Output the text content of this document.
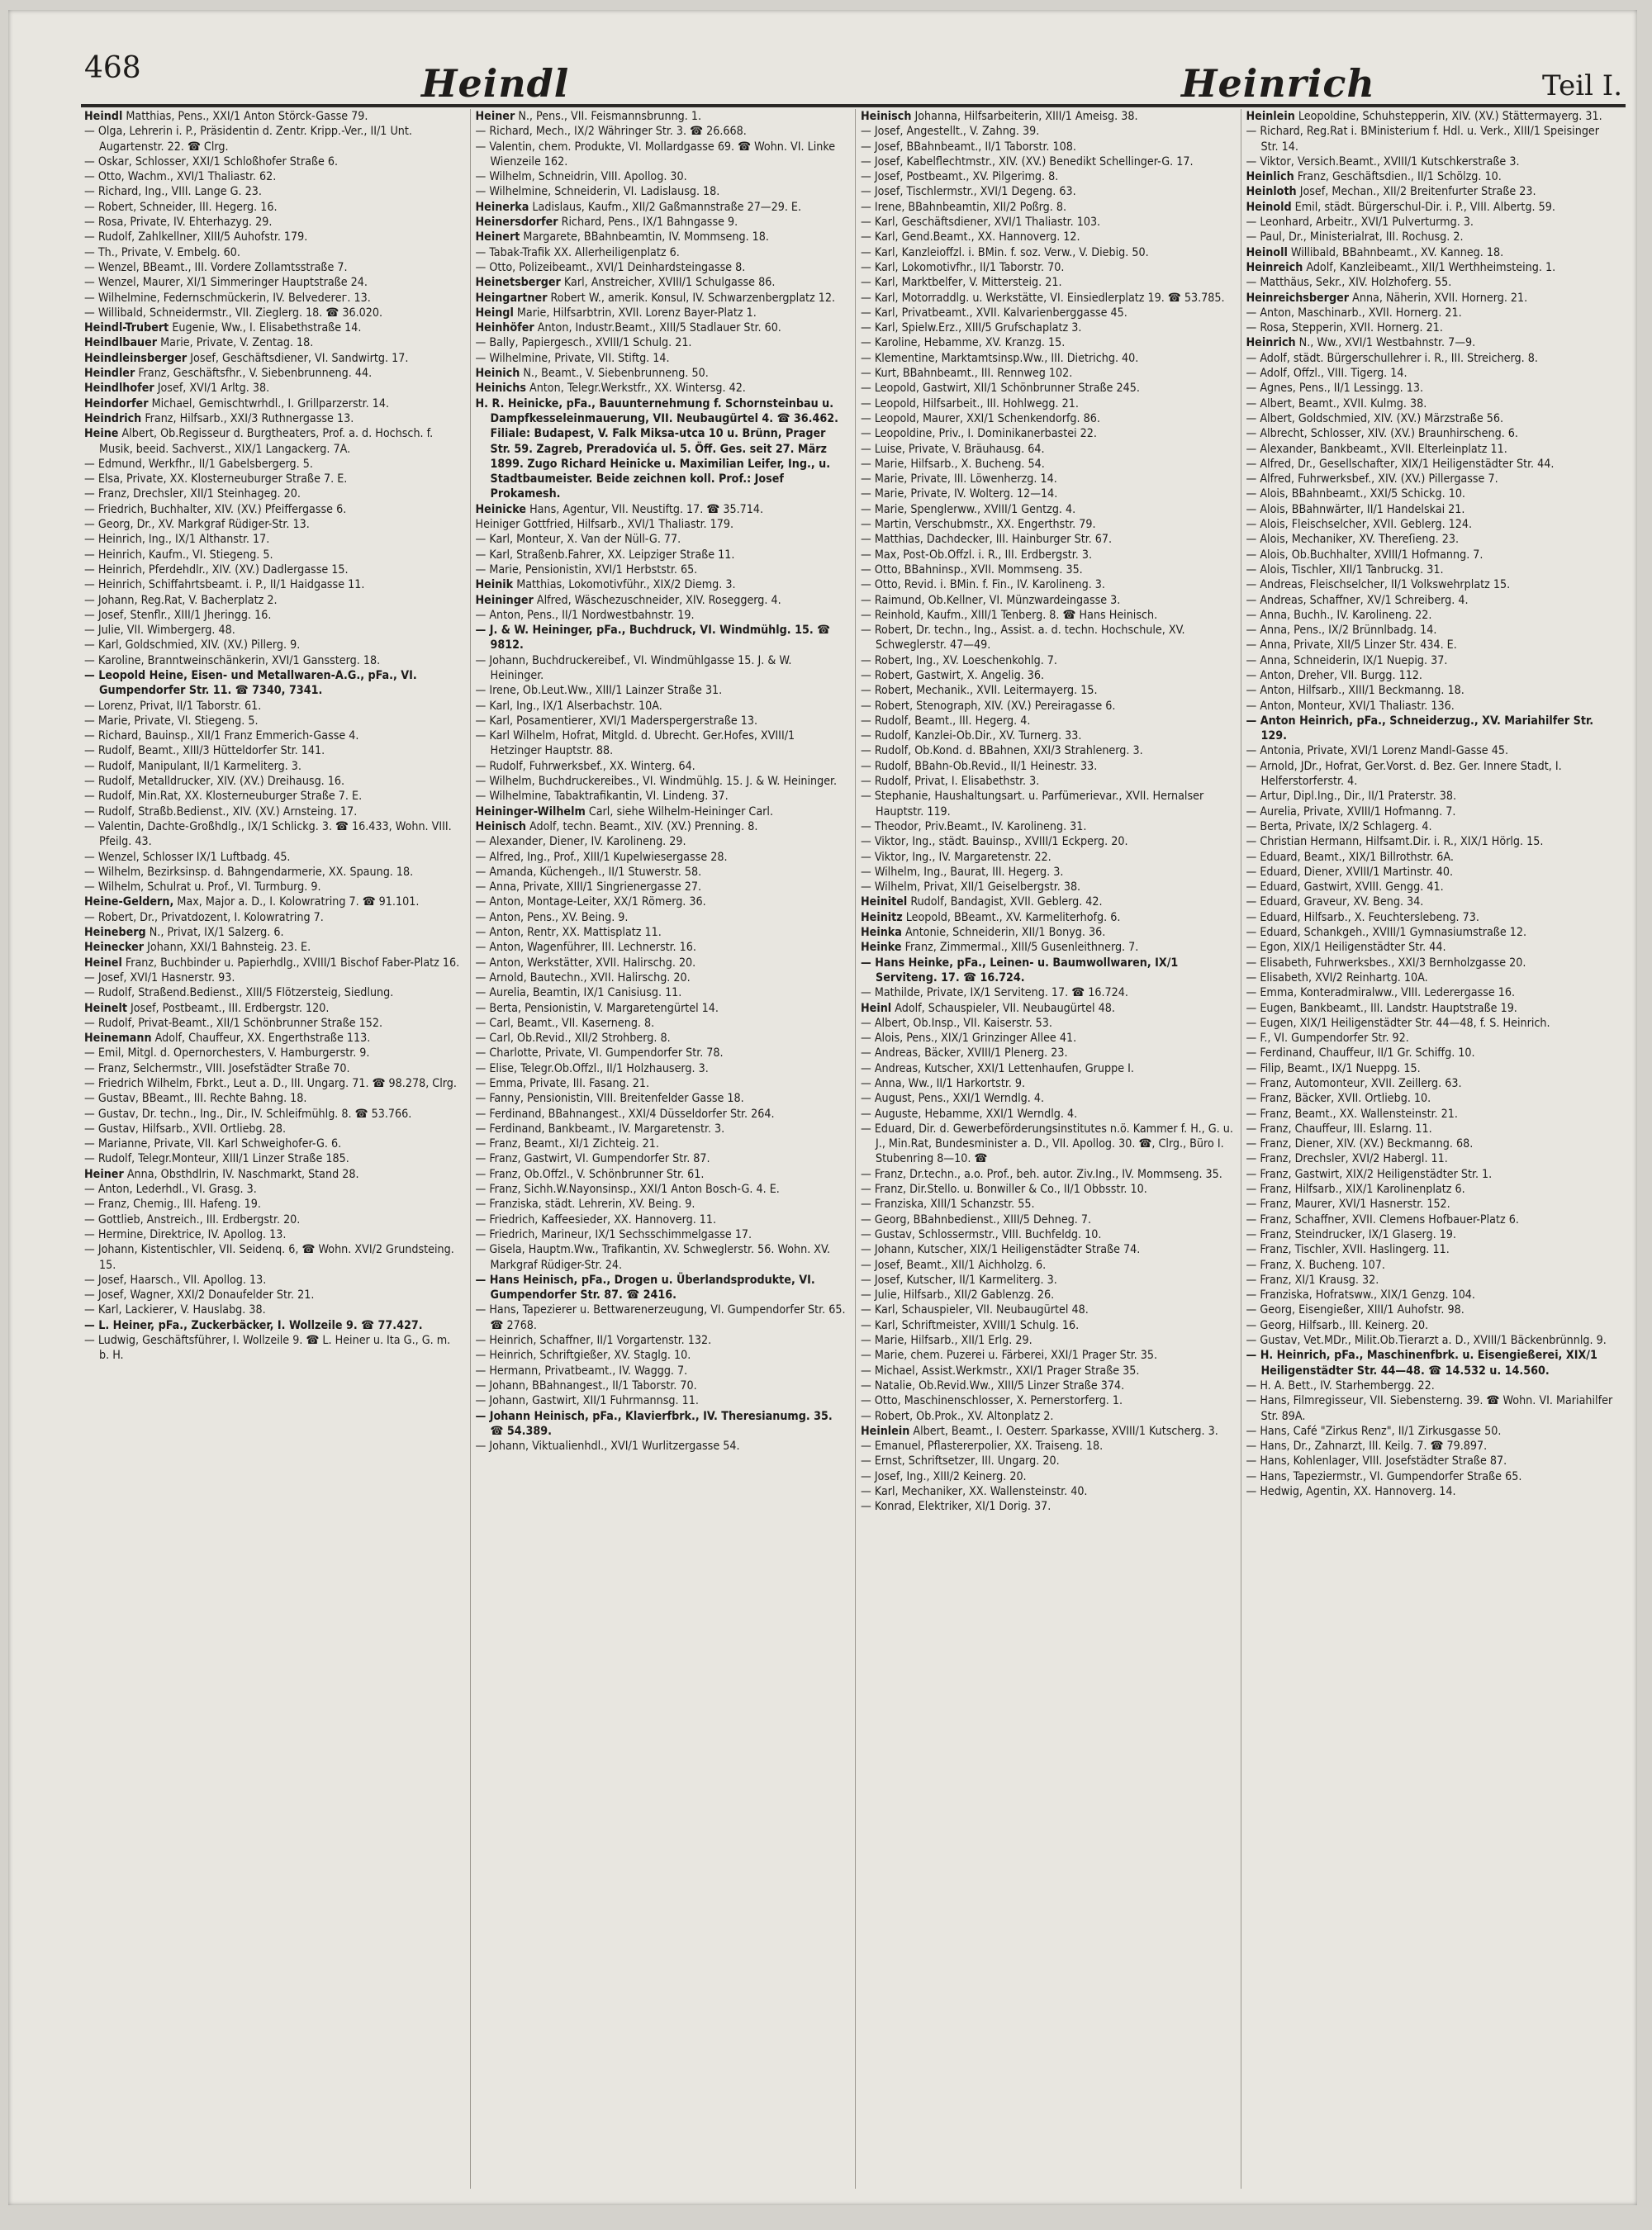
468	Heindl	Heinrich	Teil I.
Heindl Matthias, Pens., XXI/1 Anton Störck-Gasse 79.
— Olga, Lehrerin i. P., Präsidentin d. Zentr. Kripp.-Ver., II/1 Unt. Augartenstr. 22. ☎ Clrg.
— Oskar, Schlosser, XXI/1 Schloßhofer Straße 6.
— Otto, Wachm., XVI/1 Thaliastr. 62.
— Richard, Ing., VIII. Lange G. 23.
— Robert, Schneider, III. Hegerg. 16.
— Rosa, Private, IV. Ehterhazyg. 29.
— Rudolf, Zahlkellner, XIII/5 Auhofstr. 179.
— Th., Private, V. Embelg. 60.
— Wenzel, BBeamt., III. Vordere Zollamtsstraße 7.
— Wenzel, Maurer, XI/1 Simmeringer Hauptstraße 24.
— Wilhelmine, Federnschmückerin, IV. Belvederег. 13.
— Willibald, Schneidermstr., VII. Zieglerg. 18. ☎ 36.020.
Heindl-Trubert Eugenie, Ww., I. Elisabethstraße 14.
Heindlbauer Marie, Private, V. Zentag. 18.
Heindleinsberger Josef, Geschäftsdiener, VI. Sandwirtg. 17.
Heindler Franz, Geschäftsfhr., V. Siebenbrunneng. 44.
Heindlhofer Josef, XVI/1 Arltg. 38.
Heindorfer Michael, Gemischtwrhdl., I. Grillparzerstr. 14.
Heindrich Franz, Hilfsarb., XXI/3 Ruthnergasse 13.
Heine Albert, Ob.Regisseur d. Burgtheaters, Prof. a. d. Hochsch. f. Musik, beeid. Sachverst., XIX/1 Langackerg. 7A.
— Edmund, Werkfhr., II/1 Gabelsbergerg. 5.
— Elsa, Private, XX. Klosterneuburger Straße 7. E.
— Franz, Drechsler, XII/1 Steinhageg. 20.
— Friedrich, Buchhalter, XIV. (XV.) Pfeiffergasse 6.
— Georg, Dr., XV. Markgraf Rüdiger-Str. 13.
— Heinrich, Ing., IX/1 Althanstr. 17.
— Heinrich, Kaufm., VI. Stiegeng. 5.
— Heinrich, Pferdehdlr., XIV. (XV.) Dadlergasse 15.
— Heinrich, Schiffahrtsbeamt. i. P., II/1 Haidgasse 11.
— Johann, Reg.Rat, V. Bacherplatz 2.
— Josef, Stenflr., XIII/1 Jheringg. 16.
— Julie, VII. Wimbergerg. 48.
— Karl, Goldschmied, XIV. (XV.) Pillerg. 9.
— Karoline, Branntweinschänkerin, XVI/1 Ganssterg. 18.
— Leopold Heine, Eisen- und Metallwaren-A.G., pFa., VI. Gumpendorfer Str. 11. ☎ 7340, 7341.
— Lorenz, Privat, II/1 Taborstr. 61.
— Marie, Private, VI. Stiegeng. 5.
— Richard, Bauinsp., XII/1 Franz Emmerich-Gasse 4.
— Rudolf, Beamt., XIII/3 Hütteldorfer Str. 141.
— Rudolf, Manipulant, II/1 Karmeliterg. 3.
— Rudolf, Metalldrucker, XIV. (XV.) Dreihausg. 16.
— Rudolf, Min.Rat, XX. Klosterneuburger Straße 7. E.
— Rudolf, Straßb.Bedienst., XIV. (XV.) Arnsteing. 17.
— Valentin, Dachte-Großhdlg., IX/1 Schlickg. 3. ☎ 16.433, Wohn. VIII. Pfeilg. 43.
— Wenzel, Schlosser IX/1 Luftbadg. 45.
— Wilhelm, Bezirksinsp. d. Bahngendarmerie, XX. Spaung. 18.
— Wilhelm, Schulrat u. Prof., VI. Turmburg. 9.
Heine-Geldern, Max, Major a. D., I. Kolowratring 7. ☎ 91.101.
— Robert, Dr., Privatdozent, I. Kolowratring 7.
Heineberg N., Privat, IX/1 Salzerg. 6.
Heinecker Johann, XXI/1 Bahnsteig. 23. E.
Heinel Franz, Buchbinder u. Papierhdlg., XVIII/1 Bischof Faber-Platz 16.
— Josef, XVI/1 Hasnerstr. 93.
— Rudolf, Straßend.Bedienst., XIII/5 Flötzersteig, Siedlung.
Heinelt Josef, Postbeamt., III. Erdbergstr. 120.
— Rudolf, Privat-Beamt., XII/1 Schönbrunner Straße 152.
Heinemann Adolf, Chauffeur, XX. Engerthstraße 113.
— Emil, Mitgl. d. Opernorchesters, V. Hamburgerstr. 9.
— Franz, Selchermstr., VIII. Josefstädter Straße 70.
— Friedrich Wilhelm, Fbrkt., Leut a. D., III. Ungarg. 71. ☎ 98.278, Clrg.
— Gustav, BBeamt., III. Rechte Bahng. 18.
— Gustav, Dr. techn., Ing., Dir., IV. Schleifmühlg. 8. ☎ 53.766.
— Gustav, Hilfsarb., XVII. Ortliebg. 28.
— Marianne, Private, VII. Karl Schweighofer-G. 6.
— Rudolf, Telegr.Monteur, XIII/1 Linzer Straße 185.
Heiner Anna, Obsthdlrin, IV. Naschmarkt, Stand 28.
— Anton, Lederhdl., VI. Grasg. 3.
— Franz, Chemig., III. Hafeng. 19.
— Gottlieb, Anstreich., III. Erdbergstr. 20.
— Hermine, Direktrice, IV. Apollog. 13.
— Johann, Kistentischler, VII. Seidenq. 6, ☎ Wohn. XVI/2 Grundsteing. 15.
— Josef, Haarsch., VII. Apollog. 13.
— Josef, Wagner, XXI/2 Donaufelder Str. 21.
— Karl, Lackierer, V. Hauslabg. 38.
— L. Heiner, pFa., Zuckerbäcker, I. Wollzeile 9. ☎ 77.427.
— Ludwig, Geschäftsführer, I. Wollzeile 9. ☎ L. Heiner u. Ita G., G. m. b. H.
Heiner N., Pens., VII. Feismannsbrunng. 1.
— Richard, Mech., IX/2 Währinger Str. 3. ☎ 26.668.
— Valentin, chem. Produkte, VI. Mollardgasse 69. ☎ Wohn. VI. Linke Wienzeile 162.
— Wilhelm, Schneidrin, VIII. Apollog. 30.
— Wilhelmine, Schneiderin, VI. Ladislausg. 18.
Heinerka Ladislaus, Kaufm., XII/2 Gaßmannstraße 27—29. E.
Heinersdorfer Richard, Pens., IX/1 Bahngasse 9.
Heinert Margarete, BBahnbeamtin, IV. Mommseng. 18.
— Tabak-Trafik XX. Allerheiligenplatz 6.
— Otto, Polizeibeamt., XVI/1 Deinhardsteingasse 8.
Heinetsberger Karl, Anstreicher, XVIII/1 Schulgasse 86.
Heingartner Robert W., amerik. Konsul, IV. Schwarzenbergplatz 12.
Heingl Marie, Hilfsarbtrin, XVII. Lorenz Bayer-Platz 1.
Heinhöfer Anton, Industr.Beamt., XIII/5 Stadlauer Str. 60.
— Bally, Papiergesch., XVIII/1 Schulg. 21.
— Wilhelmine, Private, VII. Stiftg. 14.
Heinich N., Beamt., V. Siebenbrunneng. 50.
Heinichs Anton, Telegr.Werkstfr., XX. Wintersg. 42.
H. R. Heinicke, pFa., Bauunternehmung f. Schornsteinbau u. Dampfkesseleinmauerung, VII. Neubaugürtel 4. ☎ 36.462. Filiale: Budapest, V. Falk Miksa-utca 10 u. Brünn, Prager Str. 59. Zagreb, Preradovića ul. 5. Öff. Ges. seit 27. März 1899. Zugo Richard Heinicke u. Maximilian Leifer, Ing., u. Stadtbaumeister. Beide zeichnen koll. Prof.: Josef Prokamesh.
Heinicke Hans, Agentur, VII. Neustiftg. 17. ☎ 35.714.
Heiniger Gottfried, Hilfsarb., XVI/1 Thaliastr. 179.
— Karl, Monteur, X. Van der Nüll-G. 77.
— Karl, Straßenb.Fahrer, XX. Leipziger Straße 11.
— Marie, Pensionistin, XVI/1 Herbststr. 65.
Heinik Matthias, Lokomotivführ., XIX/2 Diemg. 3.
Heininger Alfred, Wäschezuschneider, XIV. Roseggerg. 4.
— Anton, Pens., II/1 Nordwestbahnstr. 19.
— J. & W. Heininger, pFa., Buchdruck, VI. Windmühlg. 15. ☎ 9812.
— Johann, Buchdruckereibef., VI. Windmühlgasse 15. J. & W. Heininger.
— Irene, Ob.Leut.Ww., XIII/1 Lainzer Straße 31.
— Karl, Ing., IX/1 Alserbachstr. 10A.
— Karl, Posamentierer, XVI/1 Maderspergerstraße 13.
— Karl Wilhelm, Hofrat, Mitgld. d. Ubrecht. Ger.Hofes, XVIII/1 Hetzinger Hauptstr. 88.
— Rudolf, Fuhrwerksbef., XX. Winterg. 64.
— Wilhelm, Buchdruckereibes., VI. Windmühlg. 15. J. & W. Heininger.
— Wilhelmine, Tabaktrafikantin, VI. Lindeng. 37.
Heininger-Wilhelm Carl, siehe Wilhelm-Heininger Carl.
Heinisch Adolf, techn. Beamt., XIV. (XV.) Prenning. 8.
— Alexander, Diener, IV. Karolineng. 29.
— Alfred, Ing., Prof., XIII/1 Kupelwiesergasse 28.
— Amanda, Küchengeh., II/1 Stuwerstr. 58.
— Anna, Private, XIII/1 Singrienergasse 27.
— Anton, Montage-Leiter, XX/1 Römerg. 36.
— Anton, Pens., XV. Being. 9.
— Anton, Rentr, XX. Mattisplatz 11.
— Anton, Wagenführer, III. Lechnerstr. 16.
— Anton, Werkstätter, XVII. Halirschg. 20.
— Arnold, Bautechn., XVII. Halirschg. 20.
— Aurelia, Beamtin, IX/1 Canisiusg. 11.
— Berta, Pensionistin, V. Margaretengürtel 14.
— Carl, Beamt., VII. Kaserneng. 8.
— Carl, Ob.Revid., XII/2 Strohberg. 8.
— Charlotte, Private, VI. Gumpendorfer Str. 78.
— Elise, Telegr.Ob.Offzl., II/1 Holzhauserg. 3.
— Emma, Private, III. Fasang. 21.
— Fanny, Pensionistin, VIII. Breitenfelder Gasse 18.
— Ferdinand, BBahnangest., XXI/4 Düsseldorfer Str. 264.
— Ferdinand, Bankbeamt., IV. Margaretenstr. 3.
— Franz, Beamt., XI/1 Zichteig. 21.
— Franz, Gastwirt, VI. Gumpendorfer Str. 87.
— Franz, Ob.Offzl., V. Schönbrunner Str. 61.
— Franz, Sichh.W.Nayonsinsp., XXI/1 Anton Bosch-G. 4. E.
— Franziska, städt. Lehrerin, XV. Being. 9.
— Friedrich, Kaffeesieder, XX. Hannoverg. 11.
— Friedrich, Marineur, IX/1 Sechsschimmelgasse 17.
— Gisela, Hauptm.Ww., Trafikantin, XV. Schweglerstr. 56. Wohn. XV. Markgraf Rüdiger-Str. 24.
— Hans Heinisch, pFa., Drogen u. Überlandsprodukte, VI. Gumpendorfer Str. 87. ☎ 2416.
— Hans, Tapezierer u. Bettwarenerzeugung, VI. Gumpendorfer Str. 65. ☎ 2768.
— Heinrich, Schaffner, II/1 Vorgartenstr. 132.
— Heinrich, Schriftgießer, XV. Staglg. 10.
— Hermann, Privatbeamt., IV. Waggg. 7.
— Johann, BBahnangest., II/1 Taborstr. 70.
— Johann, Gastwirt, XII/1 Fuhrmannsg. 11.
— Johann Heinisch, pFa., Klavierfbrk., IV. Theresianumg. 35. ☎ 54.389.
— Johann, Viktualienhdl., XVI/1 Wurlitzergasse 54.
Heinisch Johanna, Hilfsarbeiterin, XIII/1 Ameisg. 38.
— Josef, Angestellt., V. Zahng. 39.
— Josef, BBahnbeamt., II/1 Taborstr. 108.
— Josef, Kabelflechtmstr., XIV. (XV.) Benedikt Schellinger-G. 17.
— Josef, Postbeamt., XV. Pilgerimg. 8.
— Josef, Tischlermstr., XVI/1 Degeng. 63.
— Irene, BBahnbeamtin, XII/2 Poßrg. 8.
— Karl, Geschäftsdiener, XVI/1 Thaliastr. 103.
— Karl, Gend.Beamt., XX. Hannoverg. 12.
— Karl, Kanzleioffzl. i. BMin. f. soz. Verw., V. Diebig. 50.
— Karl, Lokomotivfhr., II/1 Taborstr. 70.
— Karl, Marktbelfer, V. Mittersteig. 21.
— Karl, Motorraddlg. u. Werkstätte, VI. Einsiedlerplatz 19. ☎ 53.785.
— Karl, Privatbeamt., XVII. Kalvarienberggasse 45.
— Karl, Spielw.Erz., XIII/5 Grufschaplatz 3.
— Karoline, Hebamme, XV. Kranzg. 15.
— Klementine, Marktamtsinsp.Ww., III. Dietrichg. 40.
— Kurt, BBahnbeamt., III. Rennweg 102.
— Leopold, Gastwirt, XII/1 Schönbrunner Straße 245.
— Leopold, Hilfsarbeit., III. Hohlwegg. 21.
— Leopold, Maurer, XXI/1 Schenkendorfg. 86.
— Leopoldine, Priv., I. Dominikanerbastei 22.
— Luise, Private, V. Bräuhausg. 64.
— Marie, Hilfsarb., X. Bucheng. 54.
— Marie, Private, III. Löwenherzg. 14.
— Marie, Private, IV. Wolterg. 12—14.
— Marie, Spenglerww., XVIII/1 Gentzg. 4.
— Martin, Verschubmstr., XX. Engerthstr. 79.
— Matthias, Dachdecker, III. Hainburger Str. 67.
— Max, Post-Ob.Offzl. i. R., III. Erdbergstr. 3.
— Otto, BBahninsp., XVII. Mommseng. 35.
— Otto, Revid. i. BMin. f. Fin., IV. Karolineng. 3.
— Raimund, Ob.Kellner, VI. Münzwardeingasse 3.
— Reinhold, Kaufm., XIII/1 Tenberg. 8. ☎ Hans Heinisch.
— Robert, Dr. techn., Ing., Assist. a. d. techn. Hochschule, XV. Schweglerstr. 47—49.
— Robert, Ing., XV. Loeschenkohlg. 7.
— Robert, Gastwirt, X. Angelig. 36.
— Robert, Mechanik., XVII. Leitermayerg. 15.
— Robert, Stenograph, XIV. (XV.) Pereiragasse 6.
— Rudolf, Beamt., III. Hegerg. 4.
— Rudolf, Kanzlei-Ob.Dir., XV. Turnerg. 33.
— Rudolf, Ob.Kond. d. BBahnen, XXI/3 Strahlenerg. 3.
— Rudolf, BBahn-Ob.Revid., II/1 Heinestr. 33.
— Rudolf, Privat, I. Elisabethstr. 3.
— Stephanie, Haushaltungsart. u. Parfümerievar., XVII. Hernalser Hauptstr. 119.
— Theodor, Priv.Beamt., IV. Karolineng. 31.
— Viktor, Ing., städt. Bauinsp., XVIII/1 Eckperg. 20.
— Viktor, Ing., IV. Margaretenstr. 22.
— Wilhelm, Ing., Baurat, III. Hegerg. 3.
— Wilhelm, Privat, XII/1 Geiselbergstr. 38.
Heinitel Rudolf, Bandagist, XVII. Geblerg. 42.
Heinitz Leopold, BBeamt., XV. Karmeliterhofg. 6.
Heinka Antonie, Schneiderin, XII/1 Bonyg. 36.
Heinke Franz, Zimmermal., XIII/5 Gusenleithnerg. 7.
— Hans Heinke, pFa., Leinen- u. Baumwollwaren, IX/1 Servitеng. 17. ☎ 16.724.
— Mathilde, Private, IX/1 Servitеng. 17. ☎ 16.724.
Heinl Adolf, Schauspieler, VII. Neubaugürtel 48.
— Albert, Ob.Insp., VII. Kaiserstr. 53.
— Alois, Pens., XIX/1 Grinzinger Allee 41.
— Andreas, Bäcker, XVIII/1 Plenerg. 23.
— Andreas, Kutscher, XXI/1 Lettenhaufen, Gruppe I.
— Anna, Ww., II/1 Harkortstr. 9.
— August, Pens., XXI/1 Werndlg. 4.
— Auguste, Hebamme, XXI/1 Werndlg. 4.
— Eduard, Dir. d. Gewerbeförderungsinstitutes n.ö. Kammer f. H., G. u. J., Min.Rat, Bundesminister a. D., VII. Apollog. 30. ☎, Clrg., Büro I. Stubenring 8—10. ☎
— Franz, Dr.techn., a.o. Prof., beh. autor. Ziv.Ing., IV. Mommseng. 35.
— Franz, Dir.Stello. u. Bonwiller & Co., II/1 Obbsstr. 10.
— Franziska, XIII/1 Schanzstr. 55.
— Georg, BBahnbedienst., XIII/5 Dehneg. 7.
— Gustav, Schlossermstr., VIII. Buchfeldg. 10.
— Johann, Kutscher, XIX/1 Heiligenstädter Straße 74.
— Josef, Beamt., XII/1 Aichholzg. 6.
— Josef, Kutscher, II/1 Karmeliterg. 3.
— Julie, Hilfsarb., XII/2 Gablenzg. 26.
— Karl, Schauspieler, VII. Neubaugürtel 48.
— Karl, Schriftmeister, XVIII/1 Schulg. 16.
— Marie, Hilfsarb., XII/1 Erlg. 29.
— Marie, chem. Puzerei u. Färberei, XXI/1 Prager Str. 35.
— Michael, Assist.Werkmstr., XXI/1 Prager Straße 35.
— Natalie, Ob.Revid.Ww., XIII/5 Linzer Straße 374.
— Otto, Maschinenschlosser, X. Pernerstorferg. 1.
— Robert, Ob.Prok., XV. Altonplatz 2.
Heinlein Albert, Beamt., I. Oesterr. Sparkasse, XVIII/1 Kutscherg. 3.
— Emanuel, Pflastererpolier, XX. Traiseng. 18.
— Ernst, Schriftsetzer, III. Ungarg. 20.
— Josef, Ing., XIII/2 Keinerg. 20.
— Karl, Mechaniker, XX. Wallensteinstr. 40.
— Konrad, Elektriker, XI/1 Dorig. 37.
Heinlein Leopoldine, Schuhstepperin, XIV. (XV.) Stättermayerg. 31.
— Richard, Reg.Rat i. BMinisterium f. Hdl. u. Verk., XIII/1 Speisinger Str. 14.
— Viktor, Versich.Beamt., XVIII/1 Kutschkerstraße 3.
Heinlich Franz, Geschäftsdien., II/1 Schölzg. 10.
Heinloth Josef, Mechan., XII/2 Breitenfurter Straße 23.
Heinold Emil, städt. Bürgerschul-Dir. i. P., VIII. Albertg. 59.
— Leonhard, Arbeitr., XVI/1 Pulverturmg. 3.
— Paul, Dr., Ministerialrat, III. Rochusg. 2.
Heinoll Willibald, BBahnbeamt., XV. Kanneg. 18.
Heinreich Adolf, Kanzleibeamt., XII/1 Werthheimsteing. 1.
— Matthäus, Sekr., XIV. Holzhoferg. 55.
Heinreichsberger Anna, Näherin, XVII. Hornerg. 21.
— Anton, Maschinarb., XVII. Hornerg. 21.
— Rosa, Stepperin, XVII. Hornerg. 21.
Heinrich N., Ww., XVI/1 Westbahnstr. 7—9.
— Adolf, städt. Bürgerschullehrer i. R., III. Streicherg. 8.
— Adolf, Offzl., VIII. Tigerg. 14.
— Agnes, Pens., II/1 Lessingg. 13.
— Albert, Beamt., XVII. Kulmg. 38.
— Albert, Goldschmied, XIV. (XV.) Märzstraße 56.
— Albrecht, Schlosser, XIV. (XV.) Braunhirscheng. 6.
— Alexander, Bankbeamt., XVII. Elterleinplatz 11.
— Alfred, Dr., Gesellschafter, XIX/1 Heiligenstädter Str. 44.
— Alfred, Fuhrwerksbef., XIV. (XV.) Pillergasse 7.
— Alois, BBahnbeamt., XXI/5 Schickg. 10.
— Alois, BBahnwärter, II/1 Handelskai 21.
— Alois, Fleischselcher, XVII. Geblerg. 124.
— Alois, Mechaniker, XV. Thereſieng. 23.
— Alois, Ob.Buchhalter, XVIII/1 Hofmanng. 7.
— Alois, Tischler, XII/1 Tanbruckg. 31.
— Andreas, Fleischselcher, II/1 Volkswehrplatz 15.
— Andreas, Schaffner, XV/1 Schreiberg. 4.
— Anna, Buchh., IV. Karolineng. 22.
— Anna, Pens., IX/2 Brünnlbadg. 14.
— Anna, Private, XII/5 Linzer Str. 434. E.
— Anna, Schneiderin, IX/1 Nuepig. 37.
— Anton, Dreher, VII. Burgg. 112.
— Anton, Hilfsarb., XIII/1 Beckmanng. 18.
— Anton, Monteur, XVI/1 Thaliastr. 136.
— Anton Heinrich, pFa., Schneiderzug., XV. Mariahilfer Str. 129.
— Antonia, Private, XVI/1 Lorenz Mandl-Gasse 45.
— Arnold, JDr., Hofrat, Ger.Vorst. d. Bez. Ger. Innere Stadt, I. Helferstorferstr. 4.
— Artur, Dipl.Ing., Dir., II/1 Praterstr. 38.
— Aurelia, Private, XVIII/1 Hofmanng. 7.
— Berta, Private, IX/2 Schlagerg. 4.
— Christian Hermann, Hilfsamt.Dir. i. R., XIX/1 Hörlg. 15.
— Eduard, Beamt., XIX/1 Billrothstr. 6A.
— Eduard, Diener, XVIII/1 Martinstr. 40.
— Eduard, Gastwirt, XVIII. Gengg. 41.
— Eduard, Graveur, XV. Beng. 34.
— Eduard, Hilfsarb., X. Feuchterslebeng. 73.
— Eduard, Schankgeh., XVIII/1 Gymnasiumstraße 12.
— Egon, XIX/1 Heiligenstädter Str. 44.
— Elisabeth, Fuhrwerksbes., XXI/3 Bernholzgasse 20.
— Elisabeth, XVI/2 Reinhartg. 10A.
— Emma, Konteradmiralww., VIII. Lederergasse 16.
— Eugen, Bankbeamt., III. Landstr. Hauptstraße 19.
— Eugen, XIX/1 Heiligenstädter Str. 44—48, f. S. Heinrich.
— F., VI. Gumpendorfer Str. 92.
— Ferdinand, Chauffeur, II/1 Gr. Schiffg. 10.
— Filip, Beamt., IX/1 Nueppg. 15.
— Franz, Automonteur, XVII. Zeillerg. 63.
— Franz, Bäcker, XVII. Ortliebg. 10.
— Franz, Beamt., XX. Wallensteinstr. 21.
— Franz, Chauffeur, III. Eslarng. 11.
— Franz, Diener, XIV. (XV.) Beckmanng. 68.
— Franz, Drechsler, XVI/2 Habergl. 11.
— Franz, Gastwirt, XIX/2 Heiligenstädter Str. 1.
— Franz, Hilfsarb., XIX/1 Karolinenplatz 6.
— Franz, Maurer, XVI/1 Hasnerstr. 152.
— Franz, Schaffner, XVII. Clemens Hofbauer-Platz 6.
— Franz, Steindrucker, IX/1 Glaserg. 19.
— Franz, Tischler, XVII. Haslingerg. 11.
— Franz, X. Bucheng. 107.
— Franz, XI/1 Krausg. 32.
— Franziska, Hofratsww., XIX/1 Genzg. 104.
— Georg, Eisengießer, XIII/1 Auhofstr. 98.
— Georg, Hilfsarb., III. Keinerg. 20.
— Gustav, Vet.MDr., Milit.Ob.Tierarzt a. D., XVIII/1 Bäckenbrünnlg. 9.
— H. Heinrich, pFa., Maschinenfbrk. u. Eisengießerei, XIX/1 Heiligenstädter Str. 44—48. ☎ 14.532 u. 14.560.
— H. A. Bett., IV. Starhembergg. 22.
— Hans, Filmregisseur, VII. Siebensterng. 39. ☎ Wohn. VI. Mariahilfer Str. 89A.
— Hans, Café "Zirkus Renz", II/1 Zirkusgasse 50.
— Hans, Dr., Zahnarzt, III. Keilg. 7. ☎ 79.897.
— Hans, Kohlenlager, VIII. Josefstädter Straße 87.
— Hans, Tapeziermstr., VI. Gumpendorfer Straße 65.
— Hedwig, Agentin, XX. Hannoverg. 14.
